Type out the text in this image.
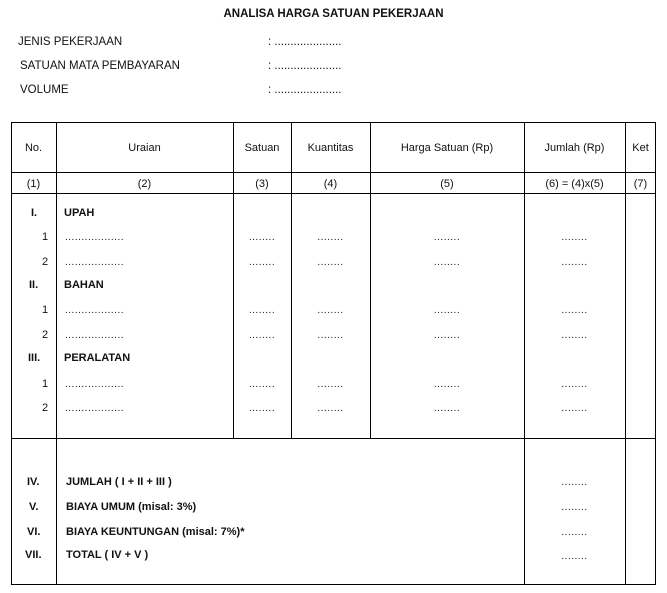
ANALISA HARGA SATUAN PEKERJAAN
JENIS PEKERJAAN	: .....................
SATUAN MATA PEMBAYARAN	: .....................
VOLUME	: .....................
No.	Uraian	Satuan	Kuantitas	Harga Satuan (Rp)	Jumlah (Rp)	Ket
(1)	(2)	(3)	(4)	(5)	(6) = (4)x(5)	(7)
I. UPAH
1 ..................	........	........	........	........
2 ..................	........	........	........	........
II. BAHAN
1 ..................	........	........	........	........
2 ..................	........	........	........	........
III. PERALATAN
1 ..................	........	........	........	........
2 ..................	........	........	........	........
IV. JUMLAH ( I + II + III )	........
V.	BIAYA UMUM (misal: 3%)	........
VI. BIAYA KEUNTUNGAN (misal: 7%)*	........
VII. TOTAL ( IV + V )	........
